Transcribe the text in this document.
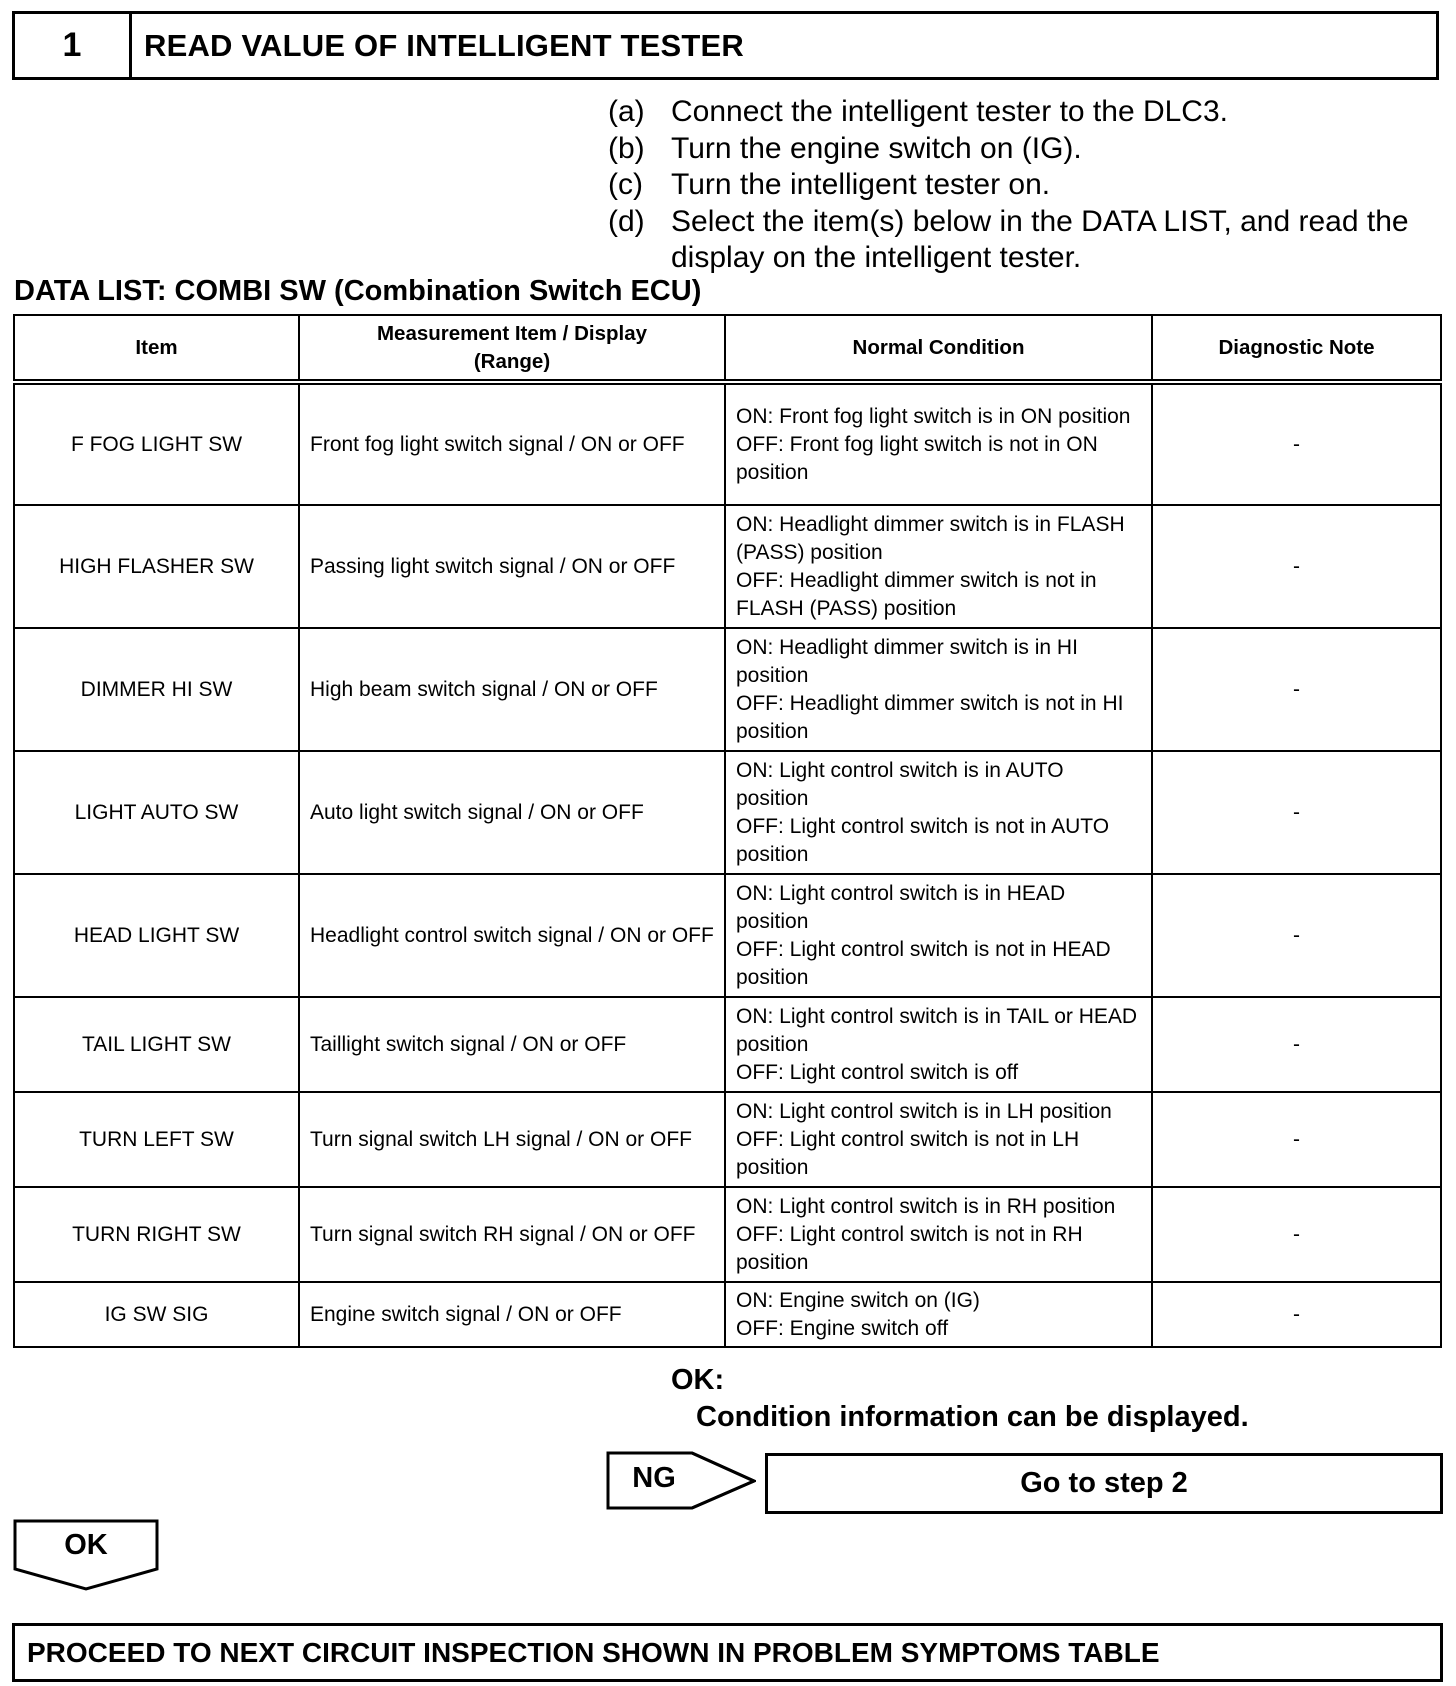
1	READ VALUE OF INTELLIGENT TESTER
(a) Connect the intelligent tester to the DLC3.
(b) Turn the engine switch on (IG).
(c) Turn the intelligent tester on.
(d) Select the item(s) below in the DATA LIST, and read the display on the intelligent tester.
DATA LIST: COMBI SW (Combination Switch ECU)
Item	Measurement Item / Display (Range)	Normal Condition	Diagnostic Note
F FOG LIGHT SW	Front fog light switch signal / ON or OFF	ON: Front fog light switch is in ON position
OFF: Front fog light switch is not in ON position	-
HIGH FLASHER SW	Passing light switch signal / ON or OFF	ON: Headlight dimmer switch is in FLASH (PASS) position
OFF: Headlight dimmer switch is not in FLASH (PASS) position	-
DIMMER HI SW	High beam switch signal / ON or OFF	ON: Headlight dimmer switch is in HI position
OFF: Headlight dimmer switch is not in HI position	-
LIGHT AUTO SW	Auto light switch signal / ON or OFF	ON: Light control switch is in AUTO position
OFF: Light control switch is not in AUTO position	-
HEAD LIGHT SW	Headlight control switch signal / ON or OFF	ON: Light control switch is in HEAD position
OFF: Light control switch is not in HEAD position	-
TAIL LIGHT SW	Taillight switch signal / ON or OFF	ON: Light control switch is in TAIL or HEAD position
OFF: Light control switch is off	-
TURN LEFT SW	Turn signal switch LH signal / ON or OFF	ON: Light control switch is in LH position
OFF: Light control switch is not in LH position	-
TURN RIGHT SW	Turn signal switch RH signal / ON or OFF	ON: Light control switch is in RH position
OFF: Light control switch is not in RH position	-
IG SW SIG	Engine switch signal / ON or OFF	ON: Engine switch on (IG)
OFF: Engine switch off	-
OK:
Condition information can be displayed.
NG	Go to step 2
OK
PROCEED TO NEXT CIRCUIT INSPECTION SHOWN IN PROBLEM SYMPTOMS TABLE
